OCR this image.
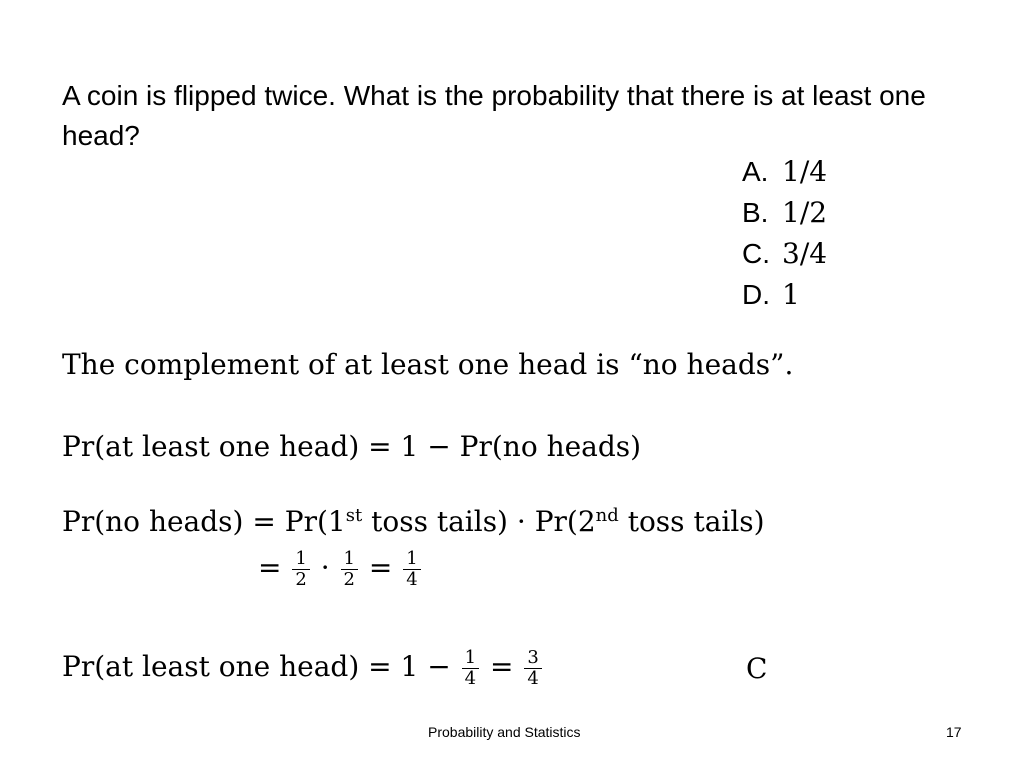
A coin is flipped twice. What is the probability that there is at least one head?
A. 1/4
B. 1/2
C. 3/4
D. 1
The complement of at least one head is “no heads”.
Pr(at least one head) = 1 − Pr(no heads)
Pr(no heads) = Pr(1st toss tails) · Pr(2nd toss tails)
= $\frac{1}{2} \cdot \frac{1}{2} = \frac{1}{4}$
Pr(at least one head) = $1 - \frac{1}{4} = \frac{3}{4}$	C
Probability and Statistics	17
